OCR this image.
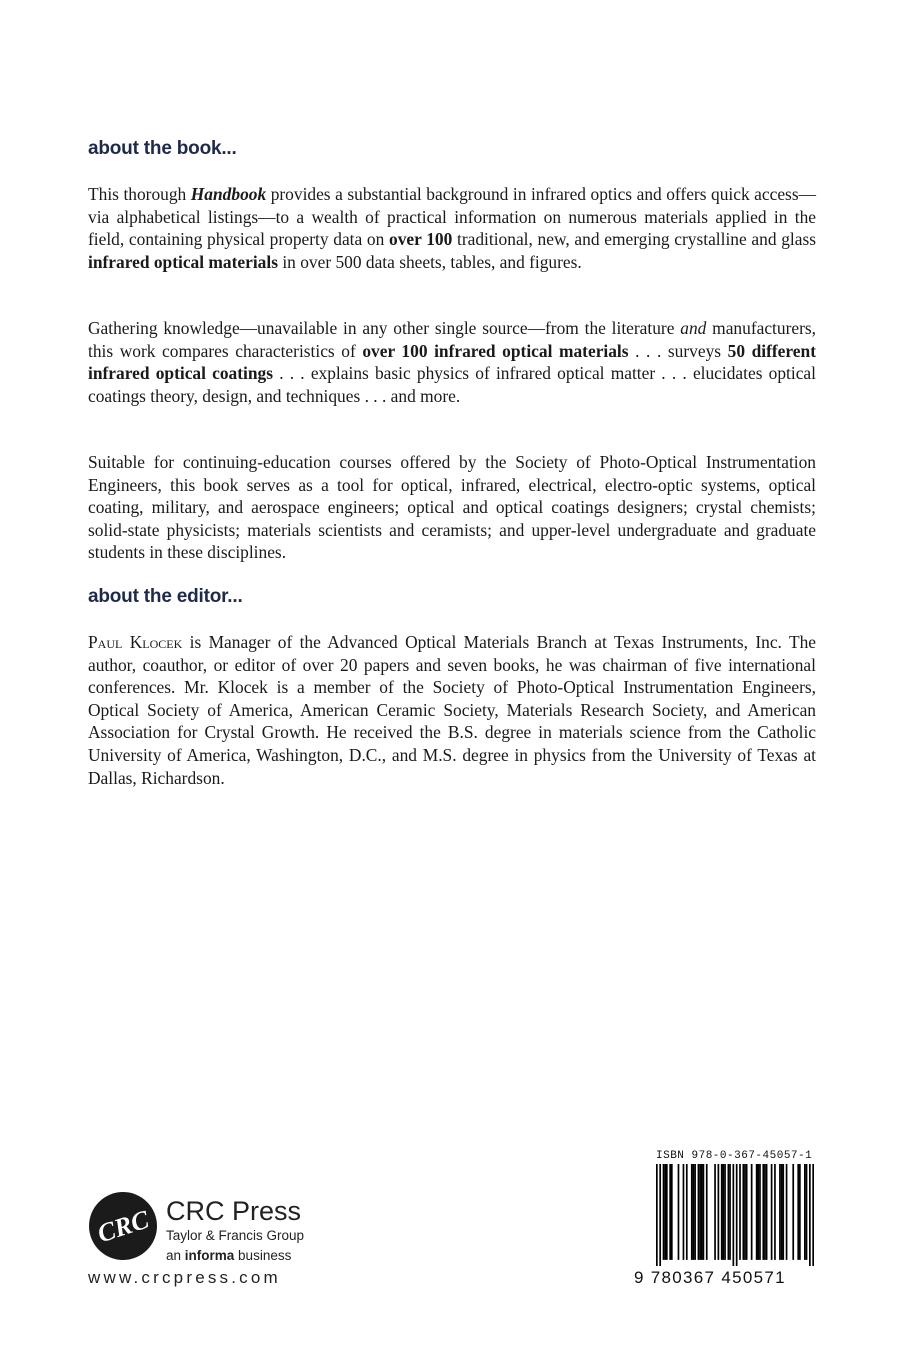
about the book...
This thorough Handbook provides a substantial background in infrared optics and offers quick access—via alphabetical listings—to a wealth of practical information on numerous materials applied in the field, containing physical property data on over 100 traditional, new, and emerging crystalline and glass infrared optical materials in over 500 data sheets, tables, and figures.
Gathering knowledge—unavailable in any other single source—from the literature and manufacturers, this work compares characteristics of over 100 infrared optical materials . . . surveys 50 different infrared optical coatings . . . explains basic physics of infrared optical matter . . . elucidates optical coatings theory, design, and techniques . . . and more.
Suitable for continuing-education courses offered by the Society of Photo-Optical Instrumentation Engineers, this book serves as a tool for optical, infrared, electrical, electro-optic systems, optical coating, military, and aerospace engineers; optical and optical coatings designers; crystal chemists; solid-state physicists; materials scientists and ceramists; and upper-level undergraduate and graduate students in these disciplines.
about the editor...
Paul Klocek is Manager of the Advanced Optical Materials Branch at Texas Instruments, Inc. The author, coauthor, or editor of over 20 papers and seven books, he was chairman of five international conferences. Mr. Klocek is a member of the Society of Photo-Optical Instrumentation Engineers, Optical Society of America, American Ceramic Society, Materials Research Society, and American Association for Crystal Growth. He received the B.S. degree in materials science from the Catholic University of America, Washington, D.C., and M.S. degree in physics from the University of Texas at Dallas, Richardson.
CRC CRC Press
Taylor & Francis Group
an informa business
www.crcpress.com
ISBN 978-0-367-45057-1
9 780367 450571
